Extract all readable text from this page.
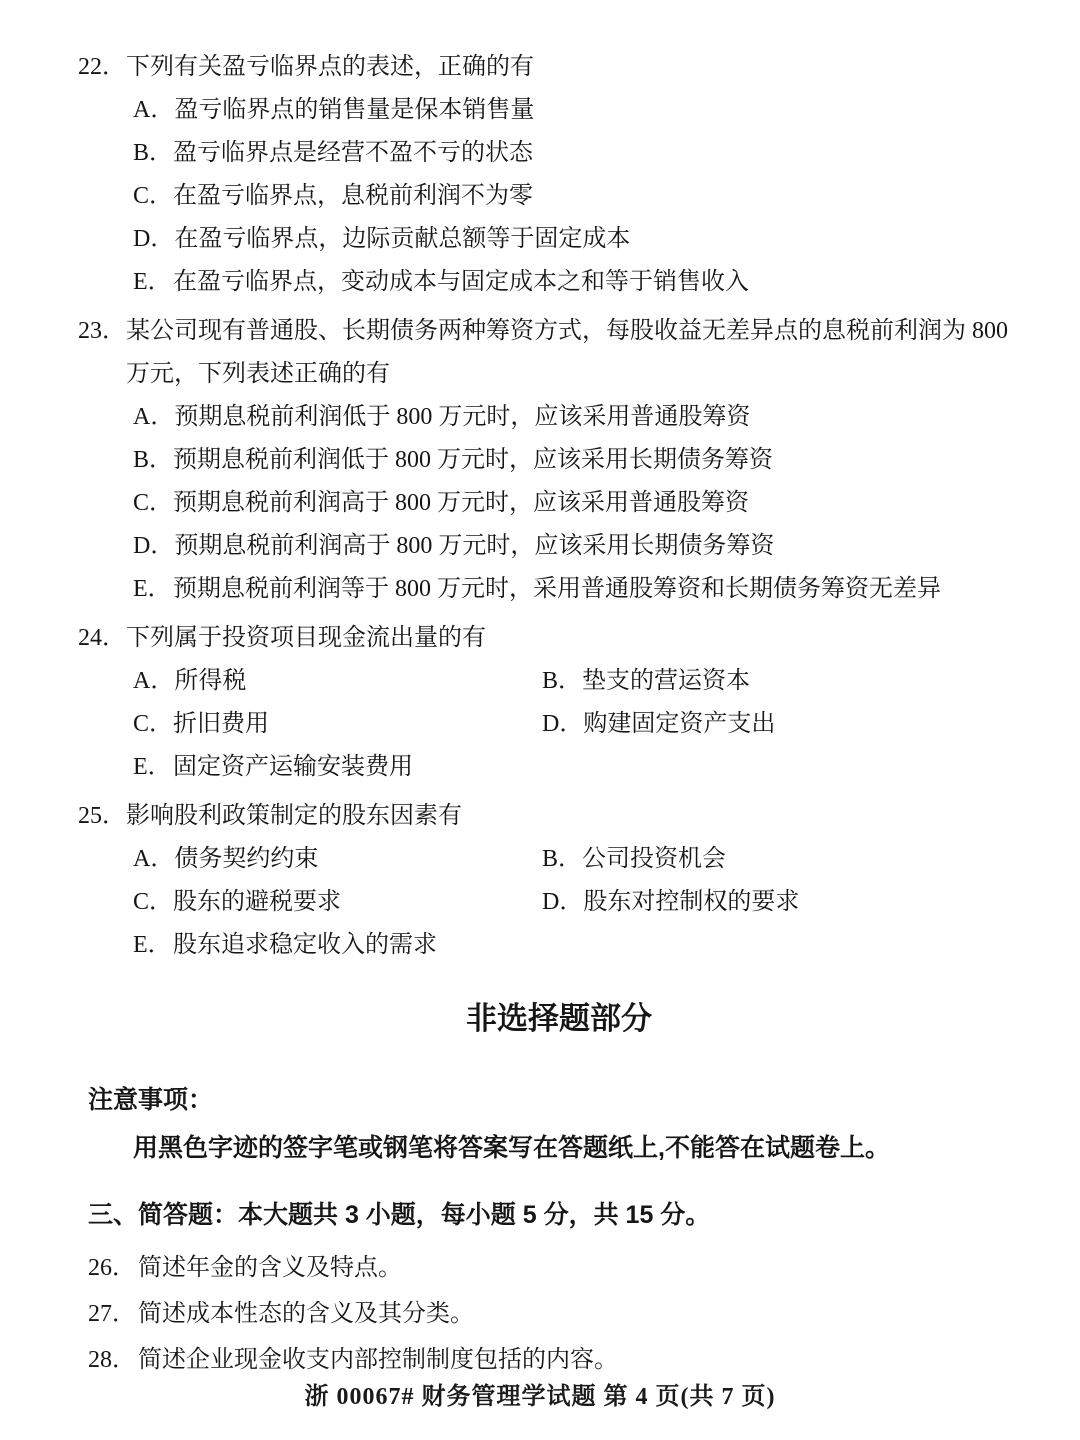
22． 下列有关盈亏临界点的表述，正确的有
A． 盈亏临界点的销售量是保本销售量
B． 盈亏临界点是经营不盈不亏的状态
C． 在盈亏临界点，息税前利润不为零
D． 在盈亏临界点，边际贡献总额等于固定成本
E． 在盈亏临界点，变动成本与固定成本之和等于销售收入
23． 某公司现有普通股、长期债务两种筹资方式，每股收益无差异点的息税前利润为 800
万元，下列表述正确的有
A． 预期息税前利润低于 800 万元时，应该采用普通股筹资
B． 预期息税前利润低于 800 万元时，应该采用长期债务筹资
C． 预期息税前利润高于 800 万元时，应该采用普通股筹资
D． 预期息税前利润高于 800 万元时，应该采用长期债务筹资
E． 预期息税前利润等于 800 万元时，采用普通股筹资和长期债务筹资无差异
24． 下列属于投资项目现金流出量的有
A． 所得税	B． 垫支的营运资本
C． 折旧费用	D． 购建固定资产支出
E． 固定资产运输安装费用
25． 影响股利政策制定的股东因素有
A． 债务契约约束	B． 公司投资机会
C． 股东的避税要求	D． 股东对控制权的要求
E． 股东追求稳定收入的需求
非选择题部分
注意事项：
用黑色字迹的签字笔或钢笔将答案写在答题纸上,不能答在试题卷上。
三、简答题：本大题共 3 小题，每小题 5 分，共 15 分。
26． 简述年金的含义及特点。
27． 简述成本性态的含义及其分类。
28． 简述企业现金收支内部控制制度包括的内容。
浙 00067# 财务管理学试题 第 4 页(共 7 页)
